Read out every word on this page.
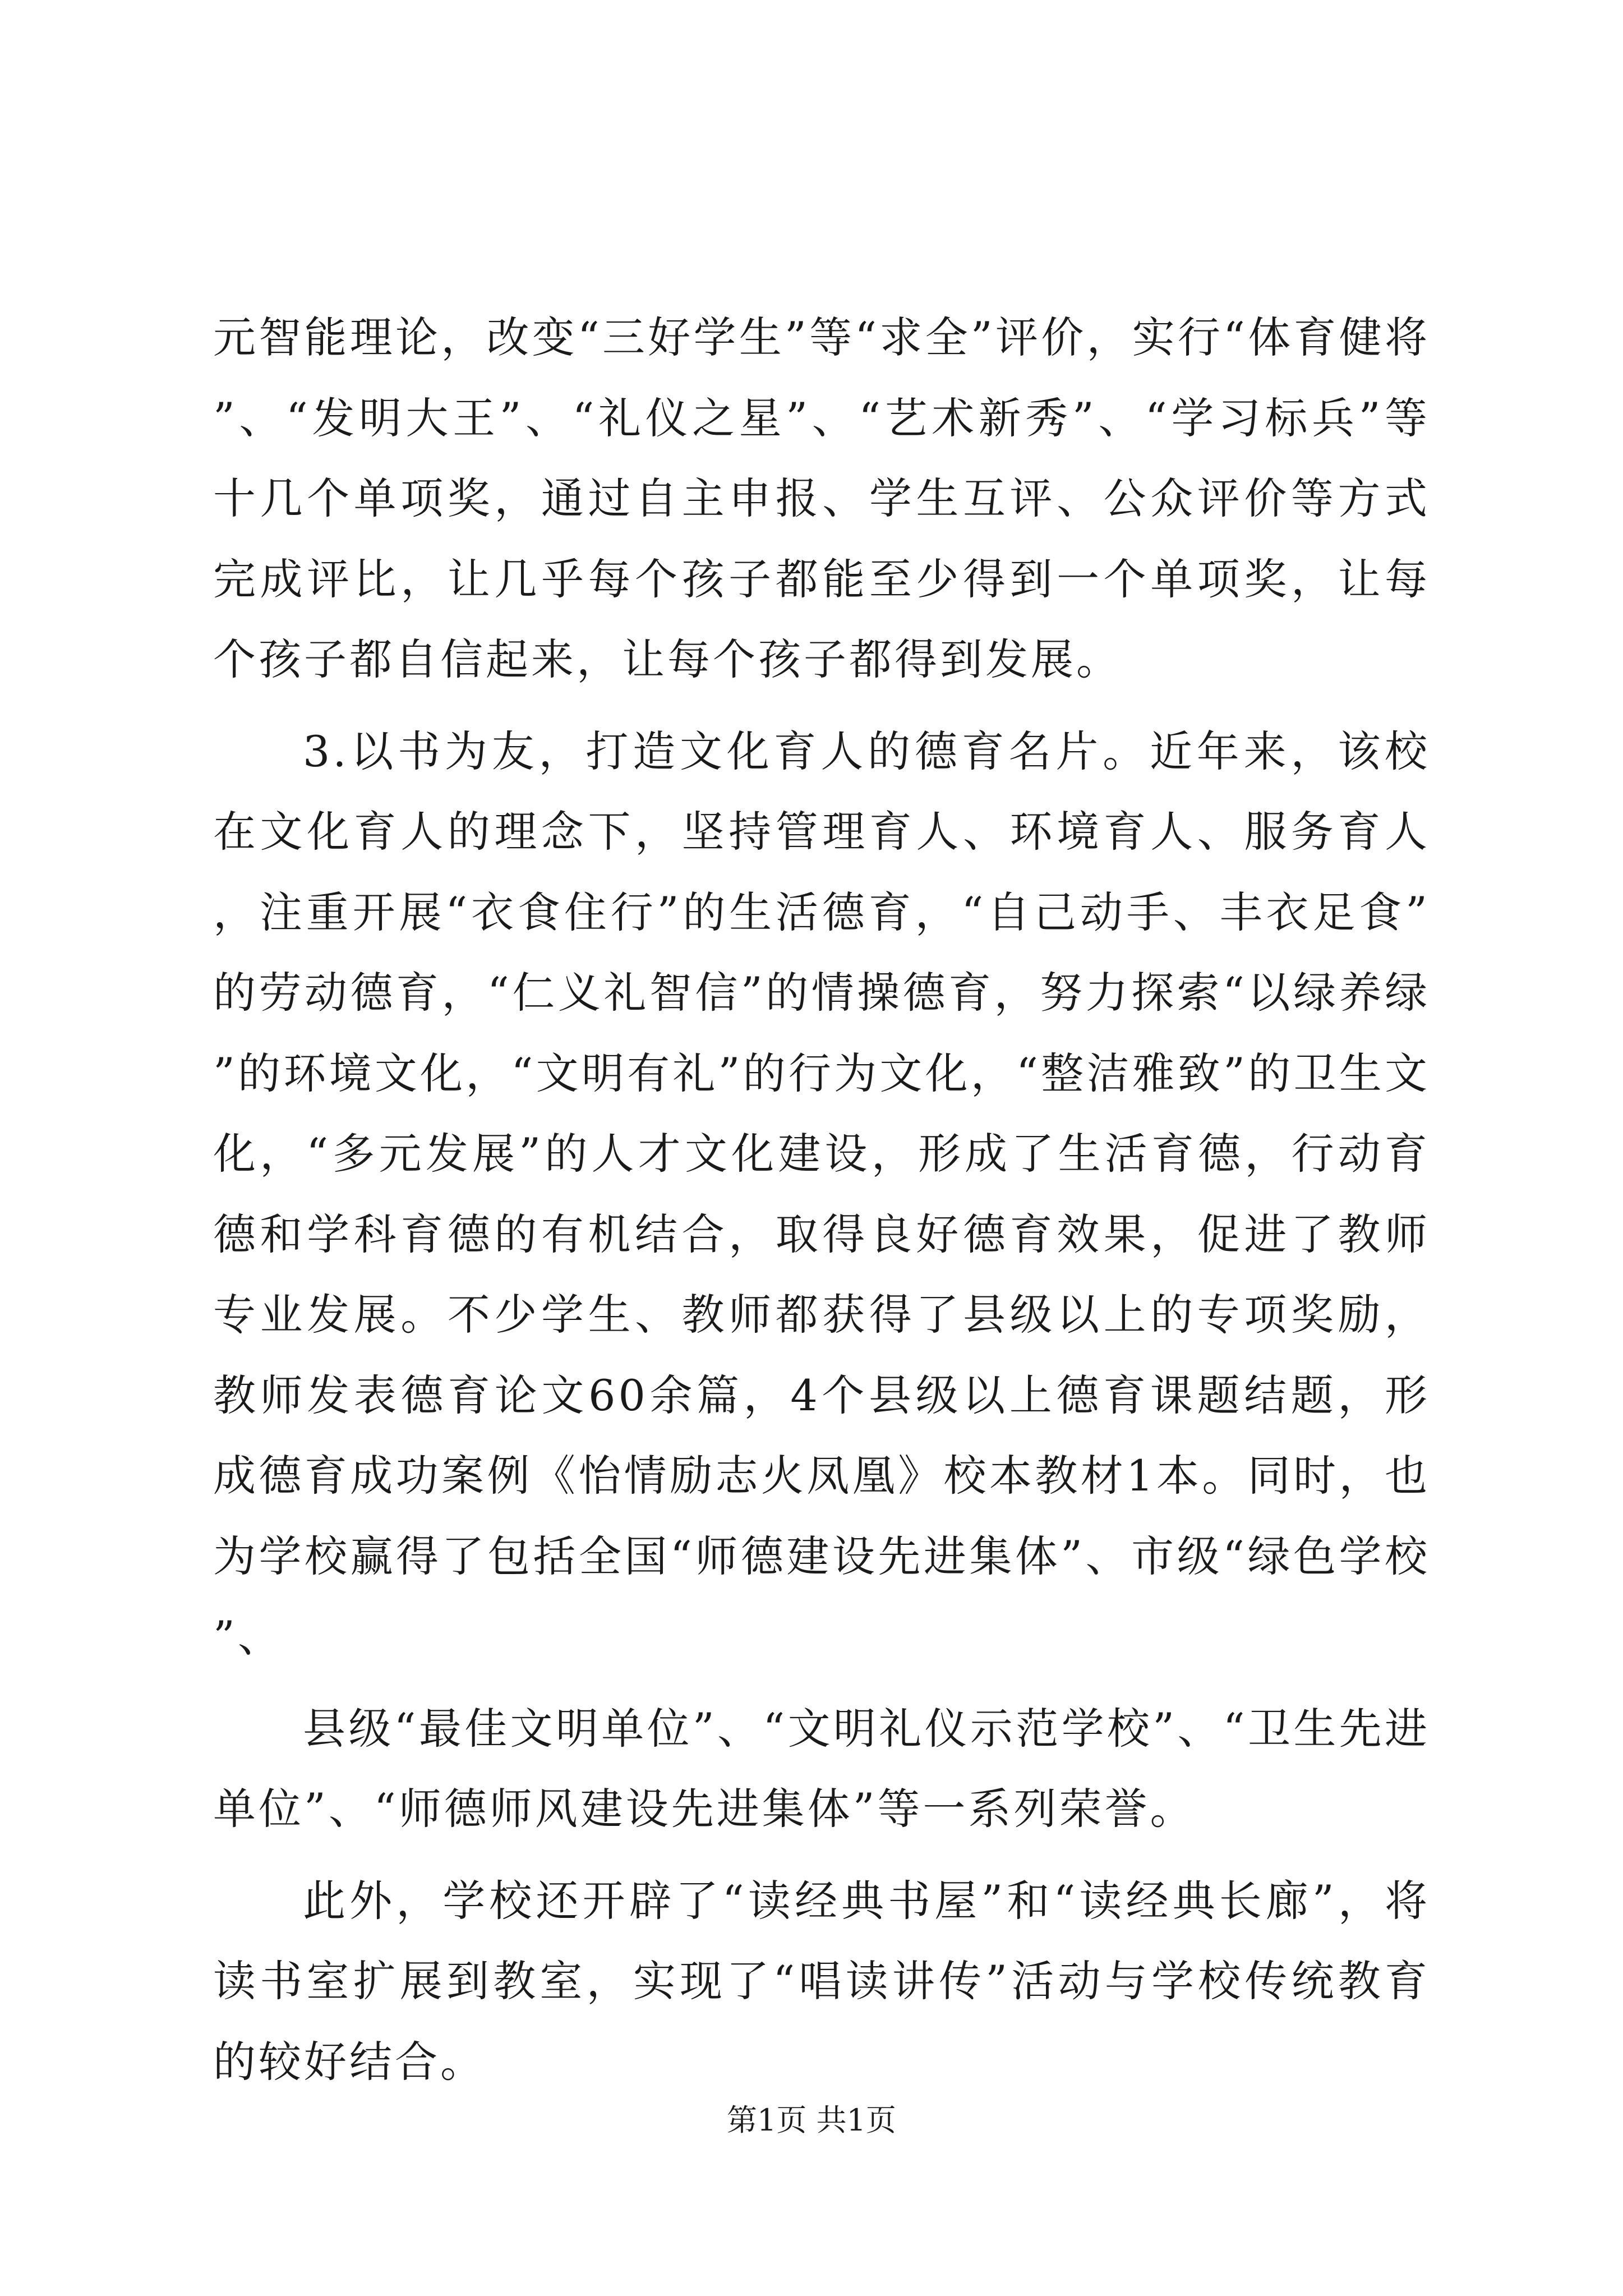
元智能理论，改变“三好学生”等“求全”评价，实行“体育健将”、“发明大王”、“礼仪之星”、“艺术新秀”、“学习标兵”等十几个单项奖，通过自主申报、学生互评、公众评价等方式完成评比，让几乎每个孩子都能至少得到一个单项奖，让每个孩子都自信起来，让每个孩子都得到发展。

3.以书为友，打造文化育人的德育名片。近年来，该校在文化育人的理念下，坚持管理育人、环境育人、服务育人，注重开展“衣食住行”的生活德育，“自己动手、丰衣足食”的劳动德育，“仁义礼智信”的情操德育，努力探索“以绿养绿”的环境文化，“文明有礼”的行为文化，“整洁雅致”的卫生文化，“多元发展”的人才文化建设，形成了生活育德，行动育德和学科育德的有机结合，取得良好德育效果，促进了教师专业发展。不少学生、教师都获得了县级以上的专项奖励，教师发表德育论文60余篇，4个县级以上德育课题结题，形成德育成功案例《怡情励志火凤凰》校本教材1本。同时，也为学校赢得了包括全国“师德建设先进集体”、市级“绿色学校”、

县级“最佳文明单位”、“文明礼仪示范学校”、“卫生先进单位”、“师德师风建设先进集体”等一系列荣誉。

此外，学校还开辟了“读经典书屋”和“读经典长廊”，将读书室扩展到教室，实现了“唱读讲传”活动与学校传统教育的较好结合。

第1页 共1页
